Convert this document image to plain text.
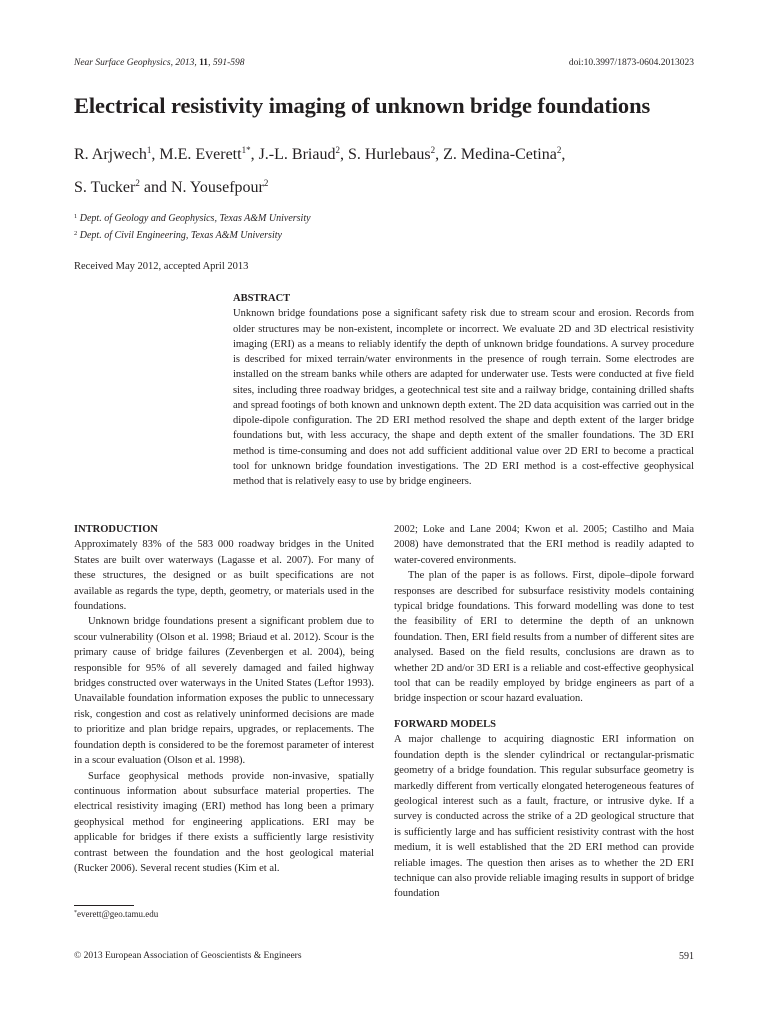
Near Surface Geophysics, 2013, 11, 591-598	doi:10.3997/1873-0604.2013023
Electrical resistivity imaging of unknown bridge foundations
R. Arjwech$^1$, M.E. Everett$^{1*}$, J.-L. Briaud$^2$, S. Hurlebaus$^2$, Z. Medina-Cetina$^2$,
S. Tucker$^2$ and N. Yousefpour$^2$
$^1$ Dept. of Geology and Geophysics, Texas A&M University
$^2$ Dept. of Civil Engineering, Texas A&M University
Received May 2012, accepted April 2013
ABSTRACT
Unknown bridge foundations pose a significant safety risk due to stream scour and erosion. Records from older structures may be non-existent, incomplete or incorrect. We evaluate 2D and 3D electrical resistivity imaging (ERI) as a means to reliably identify the depth of unknown bridge foundations. A survey procedure is described for mixed terrain/water environments in the presence of rough terrain. Some electrodes are installed on the stream banks while others are adapted for underwater use. Tests were conducted at five field sites, including three roadway bridges, a geotechnical test site and a railway bridge, containing drilled shafts and spread footings of both known and unknown depth extent. The 2D data acquisition was carried out in the dipole-dipole configuration. The 2D ERI method resolved the shape and depth extent of the larger bridge foundations but, with less accuracy, the shape and depth extent of the smaller foundations. The 3D ERI method is time-consuming and does not add sufficient additional value over 2D ERI to become a practical tool for unknown bridge foundation investigations. The 2D ERI method is a cost-effective geophysical method that is relatively easy to use by bridge engineers.

INTRODUCTION

Approximately 83% of the 583 000 roadway bridges in the United States are built over waterways (Lagasse et al. 2007). For many of these structures, the designed or as built specifications are not available as regards the type, depth, geometry, or materials used in the foundations.

Unknown bridge foundations present a significant problem due to scour vulnerability (Olson et al. 1998; Briaud et al. 2012). Scour is the primary cause of bridge failures (Zevenbergen et al. 2004), being responsible for 95% of all severely damaged and failed highway bridges constructed over waterways in the United States (Leftor 1993). Unavailable foundation information exposes the public to unnecessary risk, congestion and cost as relatively uninformed decisions are made to prioritize and plan bridge repairs, upgrades, or replacements. The foundation depth is considered to be the foremost parameter of interest in a scour evaluation (Olson et al. 1998).

Surface geophysical methods provide non-invasive, spatially continuous information about subsurface material properties. The electrical resistivity imaging (ERI) method has long been a primary geophysical method for engineering applications. ERI may be applicable for bridges if there exists a sufficiently large resistivity contrast between the foundation and the host geological material (Rucker 2006). Several recent studies (Kim et al.

2002; Loke and Lane 2004; Kwon et al. 2005; Castilho and Maia 2008) have demonstrated that the ERI method is readily adapted to water-covered environments.

The plan of the paper is as follows. First, dipole–dipole forward responses are described for subsurface resistivity models containing typical bridge foundations. This forward modelling was done to test the feasibility of ERI to determine the depth of an unknown foundation. Then, ERI field results from a number of different sites are analysed. Based on the field results, conclusions are drawn as to whether 2D and/or 3D ERI is a reliable and cost-effective geophysical tool that can be readily employed by bridge engineers as part of a bridge inspection or scour hazard evaluation.

FORWARD MODELS

A major challenge to acquiring diagnostic ERI information on foundation depth is the slender cylindrical or rectangular-prismatic geometry of a bridge foundation. This regular subsurface geometry is markedly different from vertically elongated heterogeneous features of geological interest such as a fault, fracture, or intrusive dyke. If a survey is conducted across the strike of a 2D geological structure that is sufficiently large and has sufficient resistivity contrast with the host medium, it is well established that the 2D ERI method can provide reliable images. The question then arises as to whether the 2D ERI technique can also provide reliable imaging results in support of bridge foundation

*everett@geo.tamu.edu
© 2013 European Association of Geoscientists & Engineers	591
